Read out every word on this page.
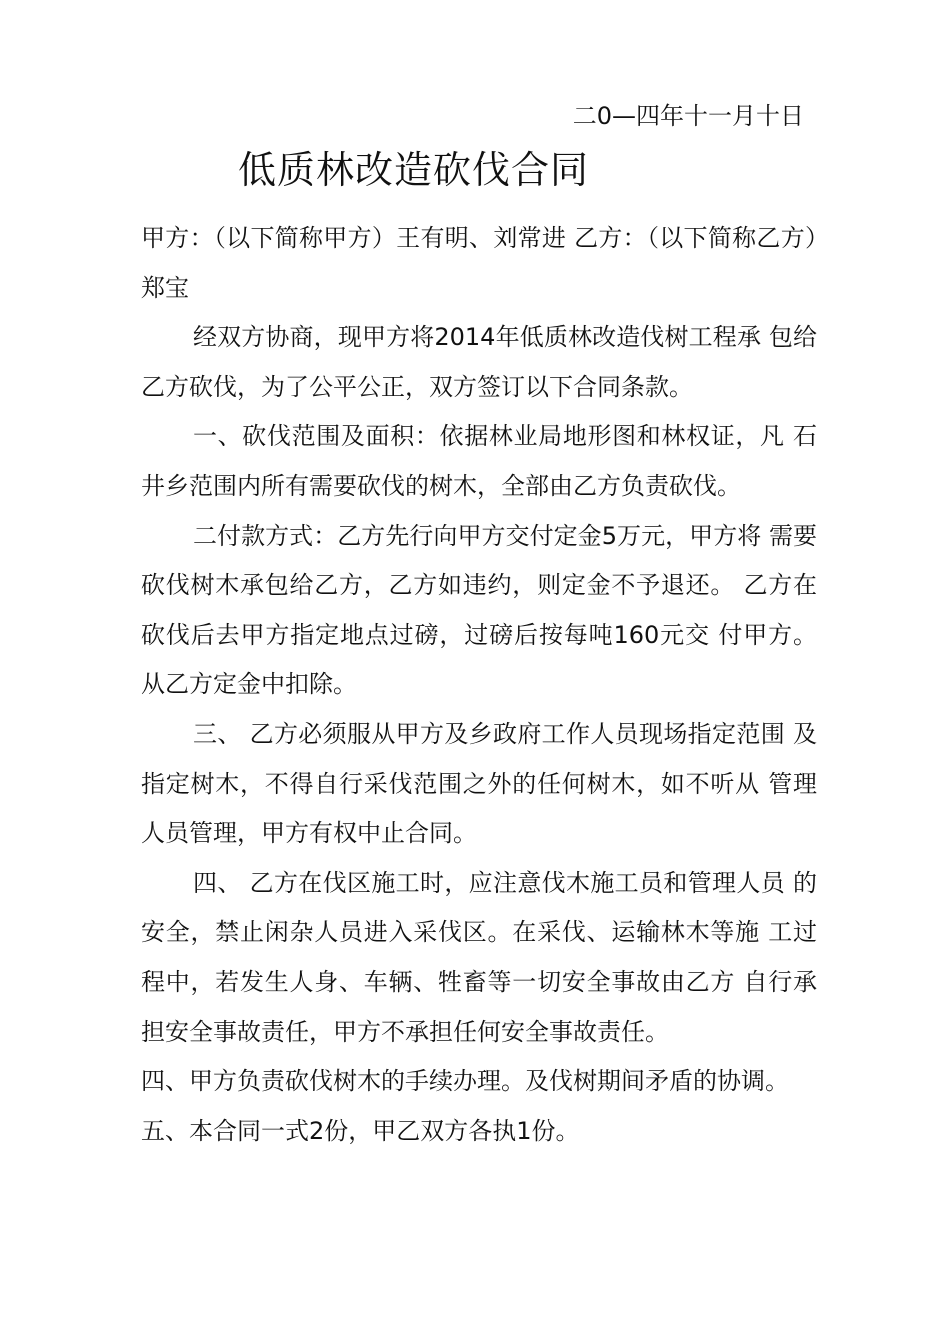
二0—四年十一月十日
低质林改造砍伐合同

甲方：（以下简称甲方）王有明、刘常进 乙方：（以下简称乙方）郑宝

经双方协商，现甲方将2014年低质林改造伐树工程承 包给乙方砍伐，为了公平公正，双方签订以下合同条款。

一、砍伐范围及面积：依据林业局地形图和林权证，凡 石井乡范围内所有需要砍伐的树木，全部由乙方负责砍伐。

二付款方式：乙方先行向甲方交付定金5万元，甲方将 需要砍伐树木承包给乙方，乙方如违约，则定金不予退还。 乙方在砍伐后去甲方指定地点过磅，过磅后按每吨160元交 付甲方。从乙方定金中扣除。

三、 乙方必须服从甲方及乡政府工作人员现场指定范围 及指定树木，不得自行采伐范围之外的任何树木，如不听从 管理人员管理，甲方有权中止合同。

四、 乙方在伐区施工时，应注意伐木施工员和管理人员 的安全，禁止闲杂人员进入采伐区。在采伐、运输林木等施 工过程中，若发生人身、车辆、牲畜等一切安全事故由乙方 自行承担安全事故责任，甲方不承担任何安全事故责任。

四、甲方负责砍伐树木的手续办理。及伐树期间矛盾的协调。

五、本合同一式2份，甲乙双方各执1份。
